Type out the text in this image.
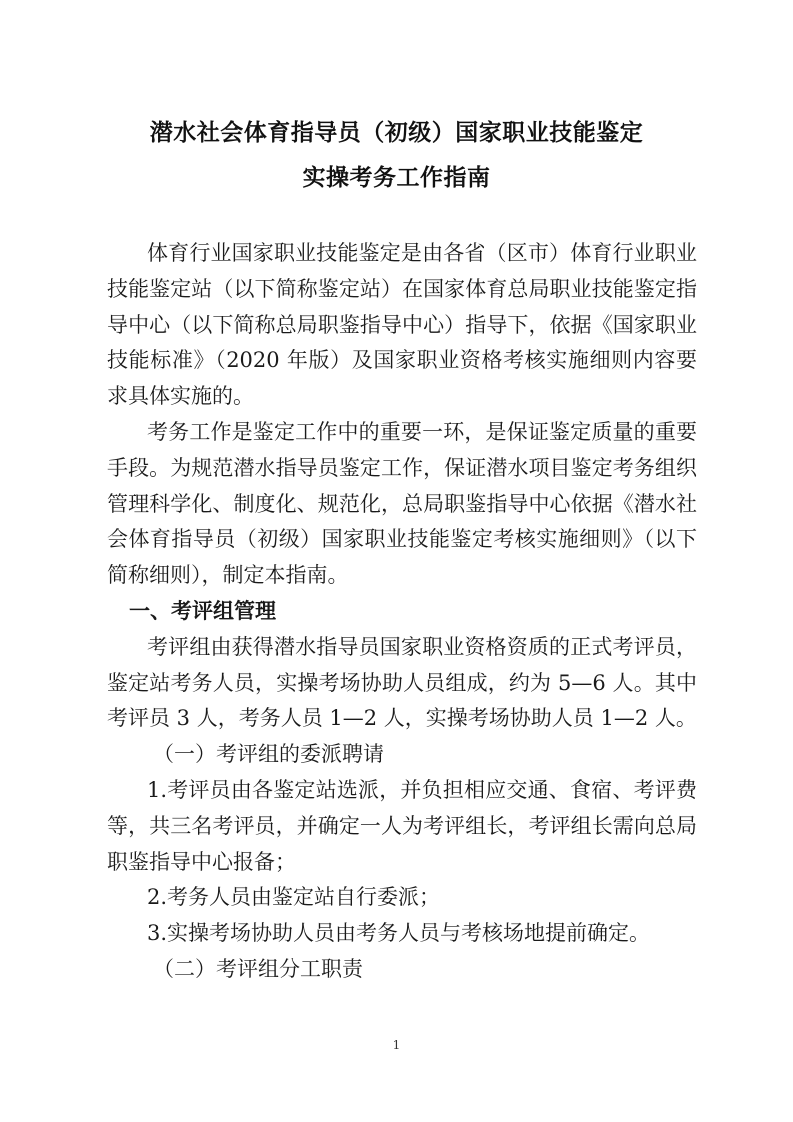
潜水社会体育指导员（初级）国家职业技能鉴定
实操考务工作指南
体育行业国家职业技能鉴定是由各省（区市）体育行业职业
技能鉴定站（以下简称鉴定站）在国家体育总局职业技能鉴定指
导中心（以下简称总局职鉴指导中心）指导下，依据《国家职业
技能标准》（2020 年版）及国家职业资格考核实施细则内容要
求具体实施的。
考务工作是鉴定工作中的重要一环，是保证鉴定质量的重要
手段。为规范潜水指导员鉴定工作，保证潜水项目鉴定考务组织
管理科学化、制度化、规范化，总局职鉴指导中心依据《潜水社
会体育指导员（初级）国家职业技能鉴定考核实施细则》（以下
简称细则），制定本指南。
一、考评组管理
考评组由获得潜水指导员国家职业资格资质的正式考评员，
鉴定站考务人员，实操考场协助人员组成，约为 5—6 人。其中
考评员 3 人，考务人员 1—2 人，实操考场协助人员 1—2 人。
（一）考评组的委派聘请
1.考评员由各鉴定站选派，并负担相应交通、食宿、考评费
等，共三名考评员，并确定一人为考评组长，考评组长需向总局
职鉴指导中心报备；
2.考务人员由鉴定站自行委派；
3.实操考场协助人员由考务人员与考核场地提前确定。
（二）考评组分工职责
1
